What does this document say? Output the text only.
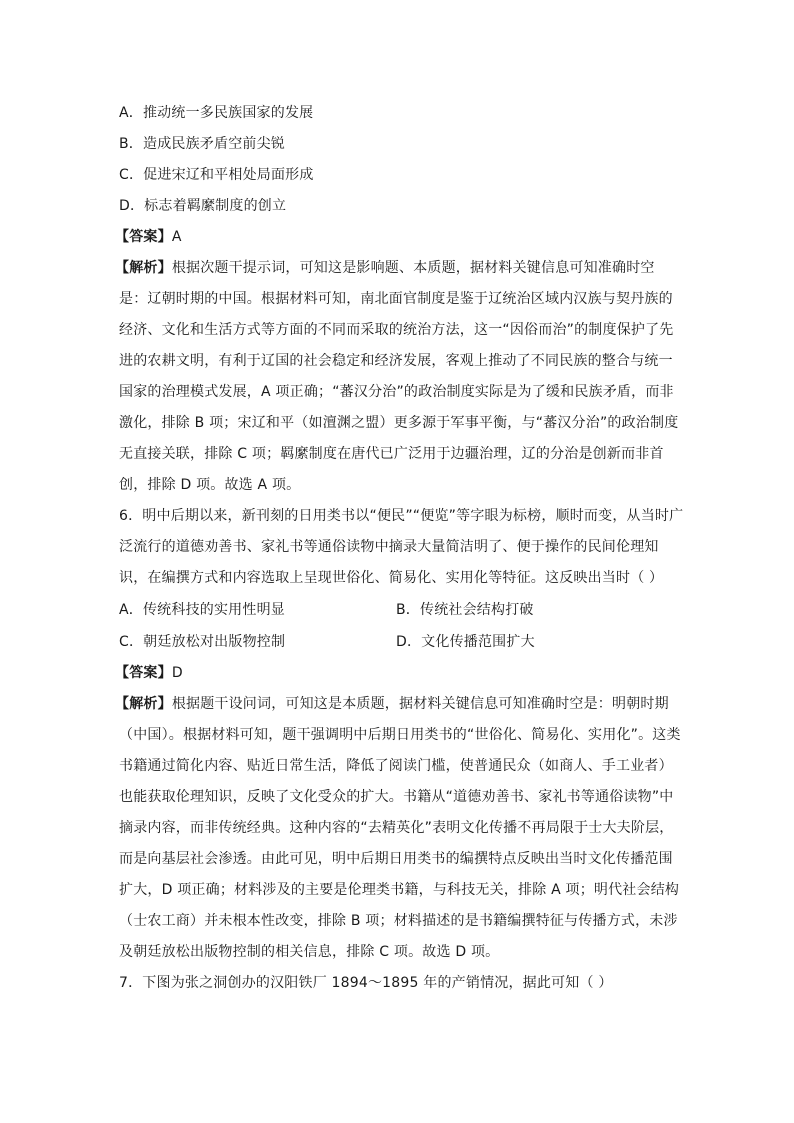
A．推动统一多民族国家的发展
B．造成民族矛盾空前尖锐
C．促进宋辽和平相处局面形成
D．标志着羁縻制度的创立
【答案】A
【解析】根据次题干提示词，可知这是影响题、本质题，据材料关键信息可知准确时空
是：辽朝时期的中国。根据材料可知，南北面官制度是鉴于辽统治区域内汉族与契丹族的
经济、文化和生活方式等方面的不同而采取的统治方法，这一“因俗而治”的制度保护了先
进的农耕文明，有利于辽国的社会稳定和经济发展，客观上推动了不同民族的整合与统一
国家的治理模式发展，A 项正确；“蕃汉分治”的政治制度实际是为了缓和民族矛盾，而非
激化，排除 B 项；宋辽和平（如澶渊之盟）更多源于军事平衡，与“蕃汉分治”的政治制度
无直接关联，排除 C 项；羁縻制度在唐代已广泛用于边疆治理，辽的分治是创新而非首
创，排除 D 项。故选 A 项。
6．明中后期以来，新刊刻的日用类书以“便民”“便览”等字眼为标榜，顺时而变，从当时广
泛流行的道德劝善书、家礼书等通俗读物中摘录大量简洁明了、便于操作的民间伦理知
识，在编撰方式和内容选取上呈现世俗化、简易化、实用化等特征。这反映出当时（ ）
A．传统科技的实用性明显	B．传统社会结构打破
C．朝廷放松对出版物控制	D．文化传播范围扩大
【答案】D
【解析】根据题干设问词，可知这是本质题，据材料关键信息可知准确时空是：明朝时期
（中国）。根据材料可知，题干强调明中后期日用类书的“世俗化、简易化、实用化”。这类
书籍通过简化内容、贴近日常生活，降低了阅读门槛，使普通民众（如商人、手工业者）
也能获取伦理知识，反映了文化受众的扩大。书籍从“道德劝善书、家礼书等通俗读物”中
摘录内容，而非传统经典。这种内容的“去精英化”表明文化传播不再局限于士大夫阶层，
而是向基层社会渗透。由此可见，明中后期日用类书的编撰特点反映出当时文化传播范围
扩大，D 项正确；材料涉及的主要是伦理类书籍，与科技无关，排除 A 项；明代社会结构
（士农工商）并未根本性改变，排除 B 项；材料描述的是书籍编撰特征与传播方式，未涉
及朝廷放松出版物控制的相关信息，排除 C 项。故选 D 项。
7．下图为张之洞创办的汉阳铁厂 1894～1895 年的产销情况，据此可知（ ）
